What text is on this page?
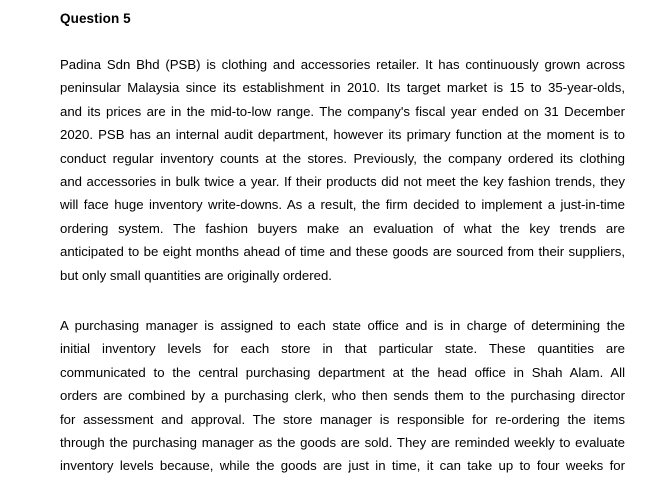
Question 5

Padina Sdn Bhd (PSB) is clothing and accessories retailer. It has continuously grown across
peninsular Malaysia since its establishment in 2010. Its target market is 15 to 35-year-olds,
and its prices are in the mid-to-low range. The company's fiscal year ended on 31 December
2020. PSB has an internal audit department, however its primary function at the moment is to
conduct regular inventory counts at the stores. Previously, the company ordered its clothing
and accessories in bulk twice a year. If their products did not meet the key fashion trends, they
will face huge inventory write-downs. As a result, the firm decided to implement a just-in-time
ordering system. The fashion buyers make an evaluation of what the key trends are
anticipated to be eight months ahead of time and these goods are sourced from their suppliers,
but only small quantities are originally ordered.

A purchasing manager is assigned to each state office and is in charge of determining the
initial inventory levels for each store in that particular state. These quantities are
communicated to the central purchasing department at the head office in Shah Alam. All
orders are combined by a purchasing clerk, who then sends them to the purchasing director
for assessment and approval. The store manager is responsible for re-ordering the items
through the purchasing manager as the goods are sold. They are reminded weekly to evaluate
inventory levels because, while the goods are just in time, it can take up to four weeks for
